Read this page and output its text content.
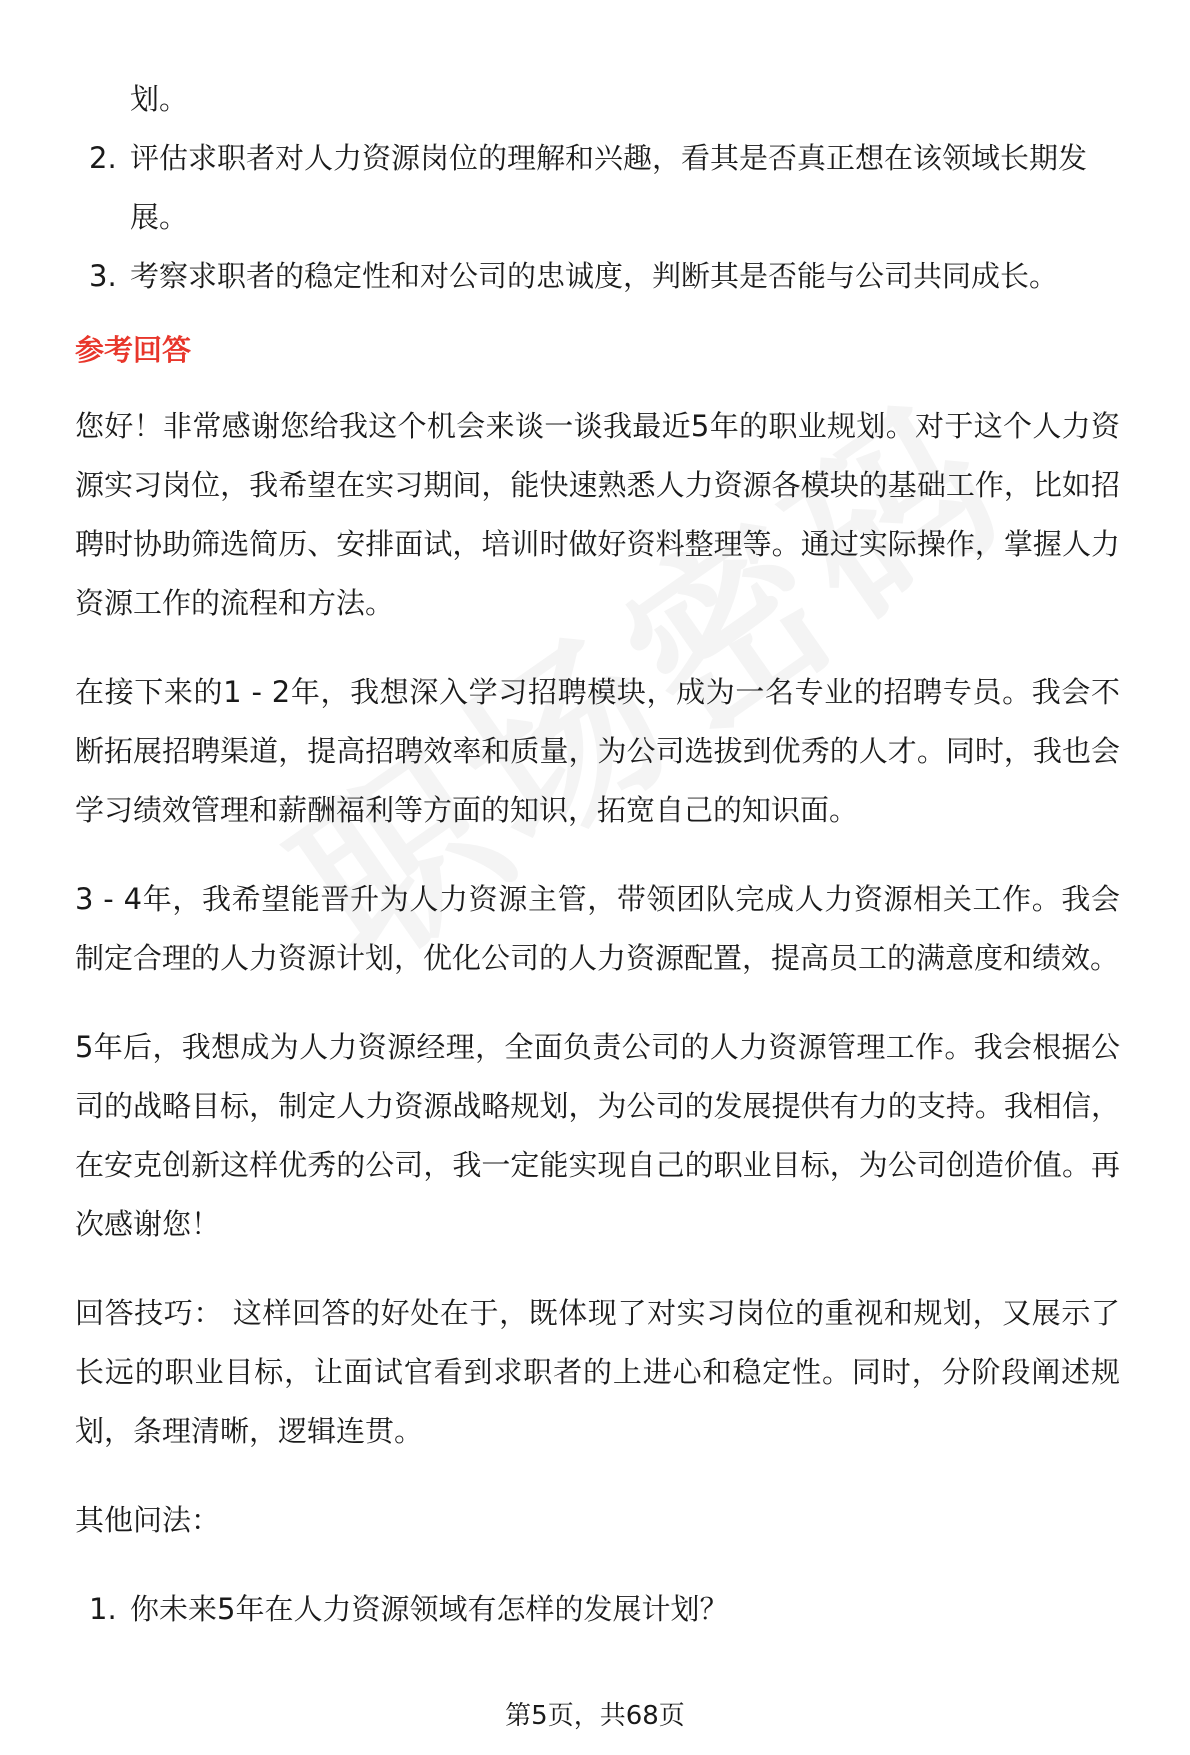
划。
2. 评估求职者对人力资源岗位的理解和兴趣，看其是否真正想在该领域长期发展。
3. 考察求职者的稳定性和对公司的忠诚度，判断其是否能与公司共同成长。
参考回答
您好！非常感谢您给我这个机会来谈一谈我最近5年的职业规划。对于这个人力资源实习岗位，我希望在实习期间，能快速熟悉人力资源各模块的基础工作，比如招聘时协助筛选简历、安排面试，培训时做好资料整理等。通过实际操作，掌握人力资源工作的流程和方法。
在接下来的1 - 2年，我想深入学习招聘模块，成为一名专业的招聘专员。我会不断拓展招聘渠道，提高招聘效率和质量，为公司选拔到优秀的人才。同时，我也会学习绩效管理和薪酬福利等方面的知识，拓宽自己的知识面。
3 - 4年，我希望能晋升为人力资源主管，带领团队完成人力资源相关工作。我会制定合理的人力资源计划，优化公司的人力资源配置，提高员工的满意度和绩效。
5年后，我想成为人力资源经理，全面负责公司的人力资源管理工作。我会根据公司的战略目标，制定人力资源战略规划，为公司的发展提供有力的支持。我相信，在安克创新这样优秀的公司，我一定能实现自己的职业目标，为公司创造价值。再次感谢您！
回答技巧： 这样回答的好处在于，既体现了对实习岗位的重视和规划，又展示了长远的职业目标，让面试官看到求职者的上进心和稳定性。同时，分阶段阐述规划，条理清晰，逻辑连贯。
其他问法：
1. 你未来5年在人力资源领域有怎样的发展计划？
第5页，共68页
